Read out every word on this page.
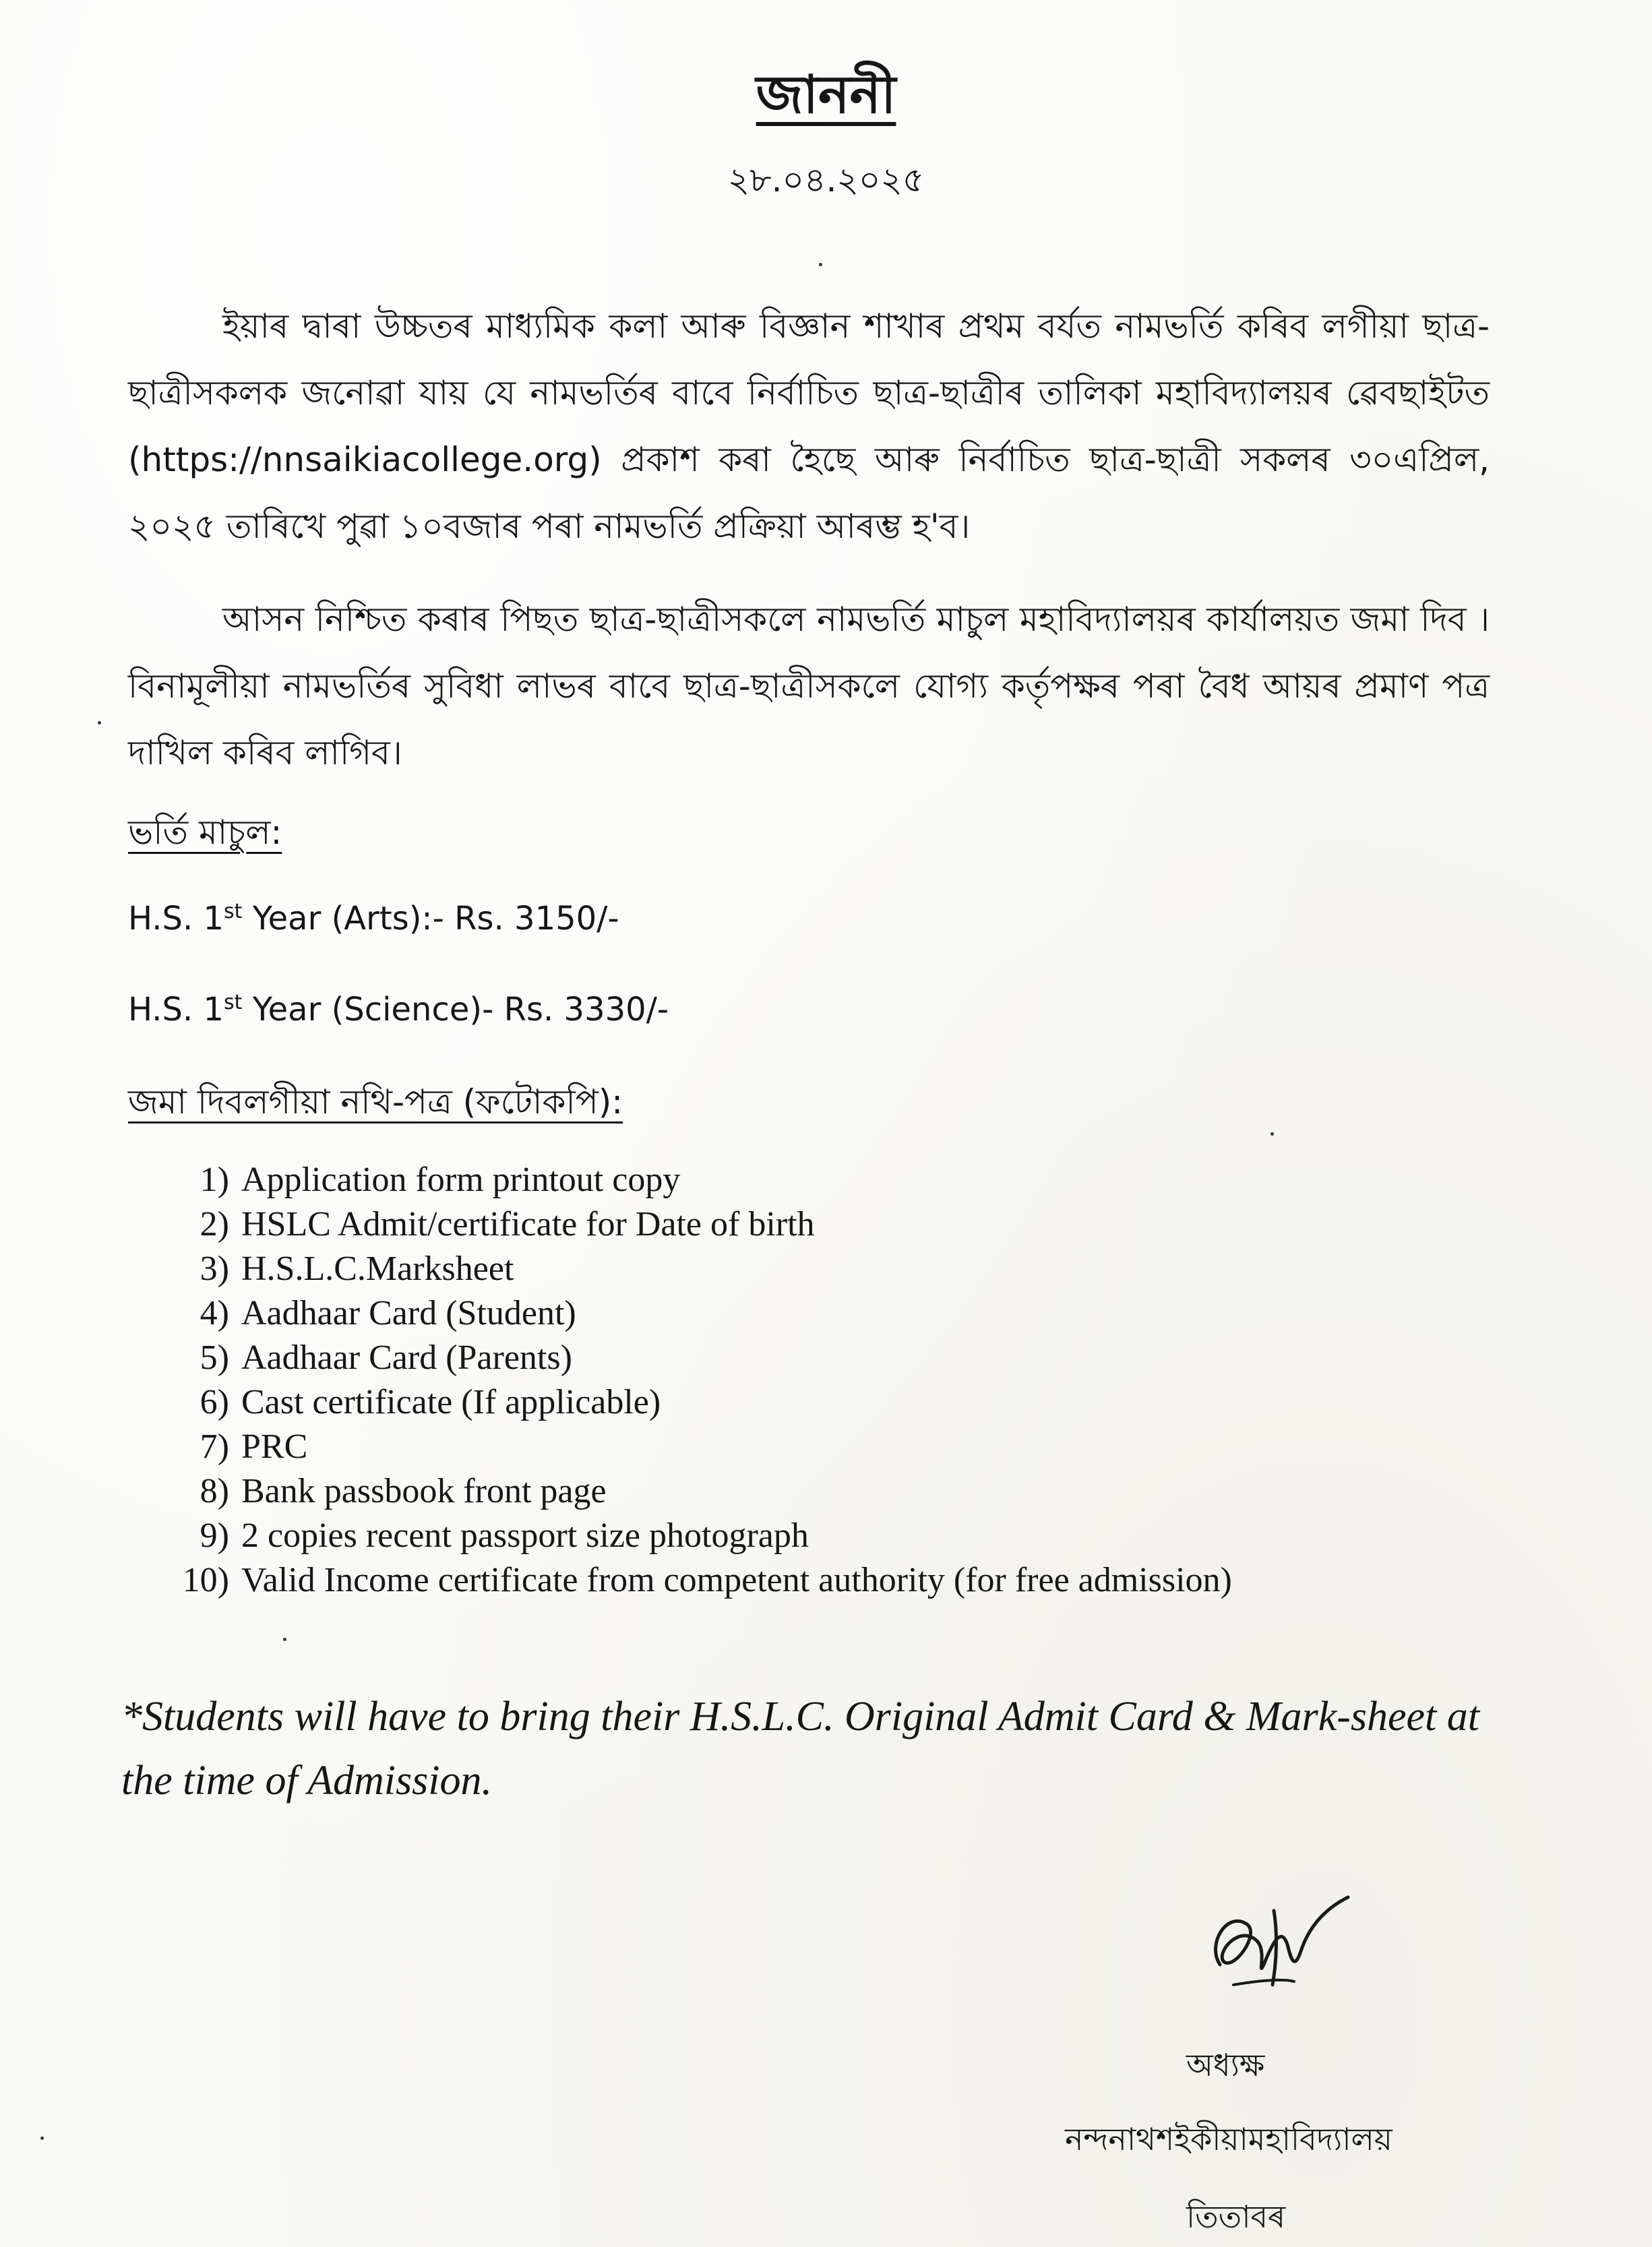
জাননী
২৮.০৪.২০২৫

ইয়াৰ দ্বাৰা উচ্চতৰ মাধ্যমিক কলা আৰু বিজ্ঞান শাখাৰ প্ৰথম বৰ্যত নামভৰ্তি কৰিব লগীয়া ছাত্ৰ-ছাত্ৰীসকলক জনোৱা যায় যে নামভৰ্তিৰ বাবে নিৰ্বাচিত ছাত্ৰ-ছাত্ৰীৰ তালিকা মহাবিদ্যালয়ৰ ৱেবছাইটত (https://nnsaikiacollege.org) প্ৰকাশ কৰা হৈছে আৰু নিৰ্বাচিত ছাত্ৰ-ছাত্ৰী সকলৰ ৩০এপ্ৰিল, ২০২৫ তাৰিখে পুৱা ১০বজাৰ পৰা নামভৰ্তি প্ৰক্ৰিয়া আৰম্ভ হ'ব।

আসন নিশ্চিত কৰাৰ পিছত ছাত্ৰ-ছাত্ৰীসকলে নামভৰ্তি মাচুল মহাবিদ্যালয়ৰ কাৰ্যালয়ত জমা দিব । বিনামূলীয়া নামভৰ্তিৰ সুবিধা লাভৰ বাবে ছাত্ৰ-ছাত্ৰীসকলে যোগ্য কৰ্তৃপক্ষৰ পৰা বৈধ আয়ৰ প্ৰমাণ পত্ৰ দাখিল কৰিব লাগিব।

ভৰ্তি মাচুল:
H.S. 1st Year (Arts):- Rs. 3150/-
H.S. 1st Year (Science)- Rs. 3330/-
জমা দিবলগীয়া নথি-পত্ৰ (ফটোকপি):
1) Application form printout copy
2) HSLC Admit/certificate for Date of birth
3) H.S.L.C.Marksheet
4) Aadhaar Card (Student)
5) Aadhaar Card (Parents)
6) Cast certificate (If applicable)
7) PRC
8) Bank passbook front page
9) 2 copies recent passport size photograph
10) Valid Income certificate from competent authority (for free admission)
*Students will have to bring their H.S.L.C. Original Admit Card & Mark-sheet at the time of Admission.
অধ্যক্ষ
নন্দনাথশইকীয়ামহাবিদ্যালয়
তিতাবৰ
